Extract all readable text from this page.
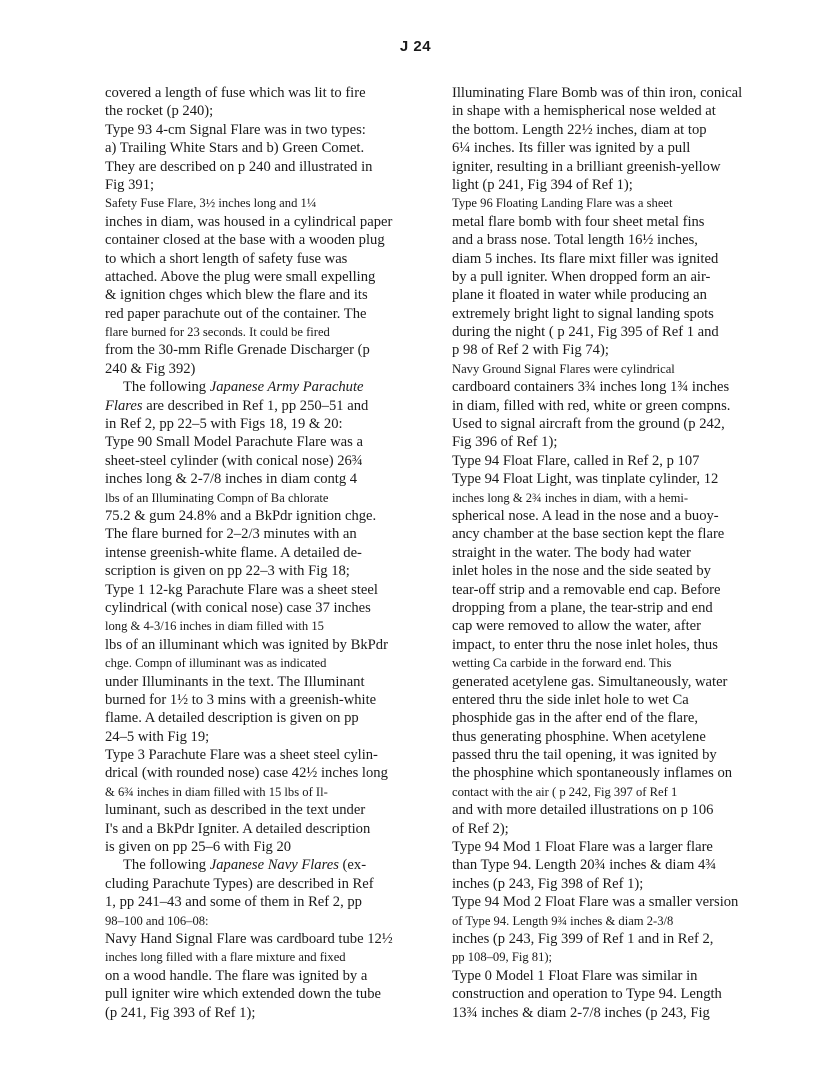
J 24
covered a length of fuse which was lit to fire
the rocket (p 240);
Type 93 4-cm Signal Flare was in two types:
a) Trailing White Stars and b) Green Comet.
They are described on p 240 and illustrated in
Fig 391;
Safety Fuse Flare, 3½ inches long and 1¼
inches in diam, was housed in a cylindrical paper
container closed at the base with a wooden plug
to which a short length of safety fuse was
attached. Above the plug were small expelling
& ignition chges which blew the flare and its
red paper parachute out of the container. The
flare burned for 23 seconds. It could be fired
from the 30-mm Rifle Grenade Discharger (p
240 & Fig 392)
The following Japanese Army Parachute
Flares are described in Ref 1, pp 250–51 and
in Ref 2, pp 22–5 with Figs 18, 19 & 20:
Type 90 Small Model Parachute Flare was a
sheet-steel cylinder (with conical nose) 26¾
inches long & 2-7/8 inches in diam contg 4
lbs of an Illuminating Compn of Ba chlorate
75.2 & gum 24.8% and a BkPdr ignition chge.
The flare burned for 2–2/3 minutes with an
intense greenish-white flame. A detailed de-
scription is given on pp 22–3 with Fig 18;
Type 1 12-kg Parachute Flare was a sheet steel
cylindrical (with conical nose) case 37 inches
long & 4-3/16 inches in diam filled with 15
lbs of an illuminant which was ignited by BkPdr
chge. Compn of illuminant was as indicated
under Illuminants in the text. The Illuminant
burned for 1½ to 3 mins with a greenish-white
flame. A detailed description is given on pp
24–5 with Fig 19;
Type 3 Parachute Flare was a sheet steel cylin-
drical (with rounded nose) case 42½ inches long
& 6¾ inches in diam filled with 15 lbs of Il-
luminant, such as described in the text under
I's and a BkPdr Igniter. A detailed description
is given on pp 25–6 with Fig 20
The following Japanese Navy Flares (ex-
cluding Parachute Types) are described in Ref
1, pp 241–43 and some of them in Ref 2, pp
98–100 and 106–08:
Navy Hand Signal Flare was cardboard tube 12½
inches long filled with a flare mixture and fixed
on a wood handle. The flare was ignited by a
pull igniter wire which extended down the tube
(p 241, Fig 393 of Ref 1);
Illuminating Flare Bomb was of thin iron, conical
in shape with a hemispherical nose welded at
the bottom. Length 22½ inches, diam at top
6¼ inches. Its filler was ignited by a pull
igniter, resulting in a brilliant greenish-yellow
light (p 241, Fig 394 of Ref 1);
Type 96 Floating Landing Flare was a sheet
metal flare bomb with four sheet metal fins
and a brass nose. Total length 16½ inches,
diam 5 inches. Its flare mixt filler was ignited
by a pull igniter. When dropped form an air-
plane it floated in water while producing an
extremely bright light to signal landing spots
during the night ( p 241, Fig 395 of Ref 1 and
p 98 of Ref 2 with Fig 74);
Navy Ground Signal Flares were cylindrical
cardboard containers 3¾ inches long 1¾ inches
in diam, filled with red, white or green compns.
Used to signal aircraft from the ground (p 242,
Fig 396 of Ref 1);
Type 94 Float Flare, called in Ref 2, p 107
Type 94 Float Light, was tinplate cylinder, 12
inches long & 2¾ inches in diam, with a hemi-
spherical nose. A lead in the nose and a buoy-
ancy chamber at the base section kept the flare
straight in the water. The body had water
inlet holes in the nose and the side seated by
tear-off strip and a removable end cap. Before
dropping from a plane, the tear-strip and end
cap were removed to allow the water, after
impact, to enter thru the nose inlet holes, thus
wetting Ca carbide in the forward end. This
generated acetylene gas. Simultaneously, water
entered thru the side inlet hole to wet Ca
phosphide gas in the after end of the flare,
thus generating phosphine. When acetylene
passed thru the tail opening, it was ignited by
the phosphine which spontaneously inflames on
contact with the air ( p 242, Fig 397 of Ref 1
and with more detailed illustrations on p 106
of Ref 2);
Type 94 Mod 1 Float Flare was a larger flare
than Type 94. Length 20¾ inches & diam 4¾
inches (p 243, Fig 398 of Ref 1);
Type 94 Mod 2 Float Flare was a smaller version
of Type 94. Length 9¾ inches & diam 2-3/8
inches (p 243, Fig 399 of Ref 1 and in Ref 2,
pp 108–09, Fig 81);
Type 0 Model 1 Float Flare was similar in
construction and operation to Type 94. Length
13¾ inches & diam 2-7/8 inches (p 243, Fig
